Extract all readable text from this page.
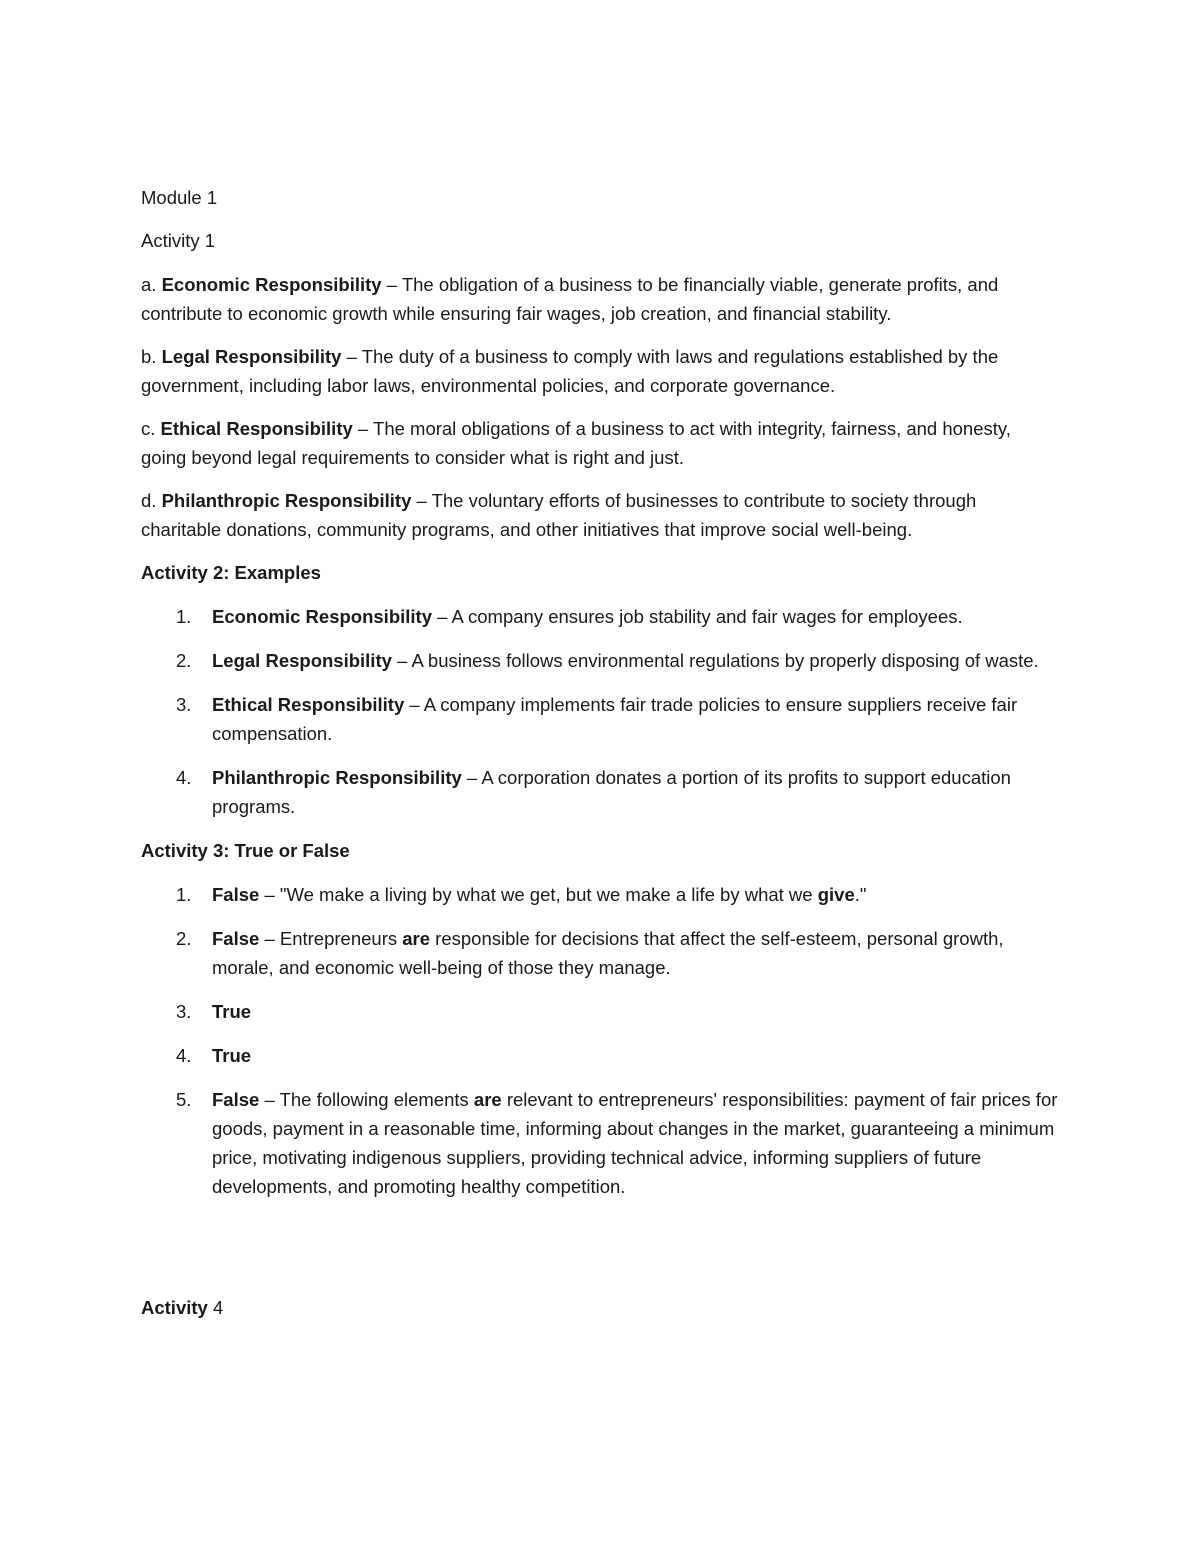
Module 1

Activity 1

a. Economic Responsibility – The obligation of a business to be financially viable, generate profits, and contribute to economic growth while ensuring fair wages, job creation, and financial stability.

b. Legal Responsibility – The duty of a business to comply with laws and regulations established by the government, including labor laws, environmental policies, and corporate governance.

c. Ethical Responsibility – The moral obligations of a business to act with integrity, fairness, and honesty, going beyond legal requirements to consider what is right and just.

d. Philanthropic Responsibility – The voluntary efforts of businesses to contribute to society through charitable donations, community programs, and other initiatives that improve social well-being.

Activity 2: Examples

1. Economic Responsibility – A company ensures job stability and fair wages for employees.
2. Legal Responsibility – A business follows environmental regulations by properly disposing of waste.
3. Ethical Responsibility – A company implements fair trade policies to ensure suppliers receive fair compensation.
4. Philanthropic Responsibility – A corporation donates a portion of its profits to support education programs.

Activity 3: True or False

1. False – "We make a living by what we get, but we make a life by what we give."
2. False – Entrepreneurs are responsible for decisions that affect the self-esteem, personal growth, morale, and economic well-being of those they manage.
3. True
4. True
5. False – The following elements are relevant to entrepreneurs' responsibilities: payment of fair prices for goods, payment in a reasonable time, informing about changes in the market, guaranteeing a minimum price, motivating indigenous suppliers, providing technical advice, informing suppliers of future developments, and promoting healthy competition.

Activity 4
